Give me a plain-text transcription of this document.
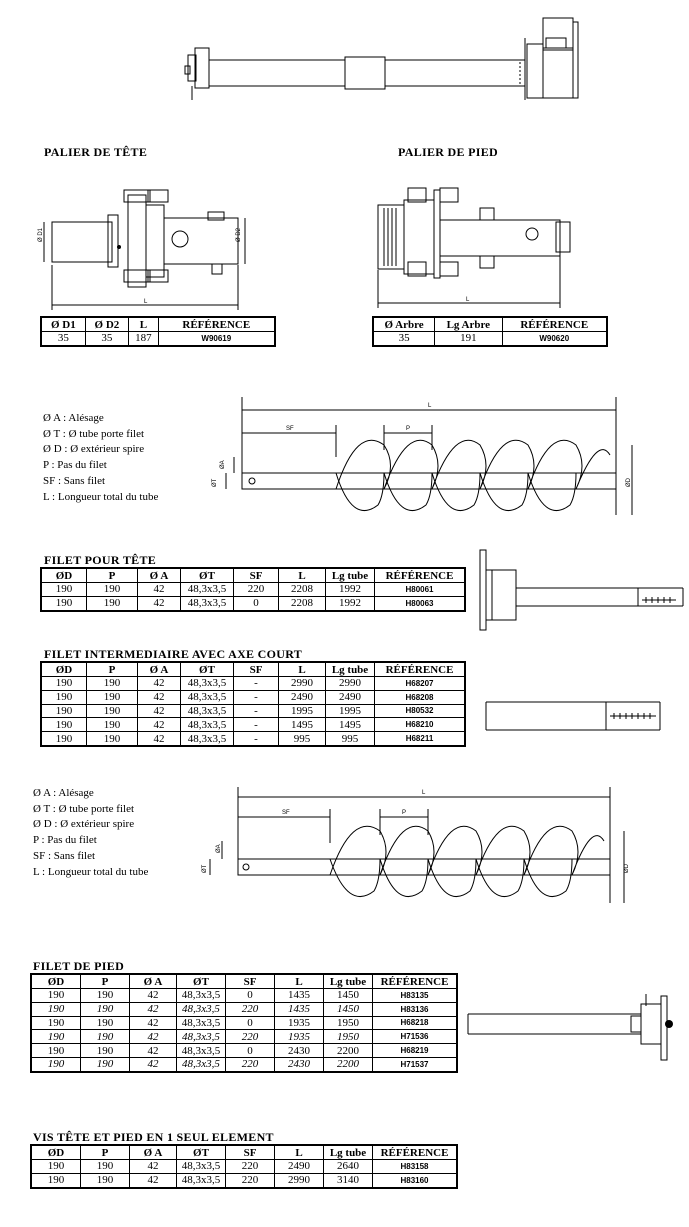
PALIER DE TÊTE	PALIER DE PIED
Ø D1	Ø D2
L	L
Ø D1	Ø D2	L	RÉFÉRENCE
35	35	187	W90619
Ø Arbre	Lg Arbre	RÉFÉRENCE
35	191	W90620
Ø A : Alésage
Ø T : Ø tube porte filet
Ø D : Ø extérieur spire
P : Pas du filet
SF : Sans filet
L : Longueur total du tube
L
SF	P
ØA
ØT	ØD
FILET POUR TÊTE
ØD	P	Ø A	ØT	SF	L	Lg tube	RÉFÉRENCE
190	190	42	48,3x3,5	220	2208	1992	H80061
190	190	42	48,3x3,5	0	2208	1992	H80063
FILET INTERMEDIAIRE AVEC AXE COURT
ØD	P	Ø A	ØT	SF	L	Lg tube	RÉFÉRENCE
190	190	42	48,3x3,5	-	2990	2990	H68207
190	190	42	48,3x3,5	-	2490	2490	H68208
190	190	42	48,3x3,5	-	1995	1995	H80532
190	190	42	48,3x3,5	-	1495	1495	H68210
190	190	42	48,3x3,5	-	995	995	H68211
Ø A : Alésage
Ø T : Ø tube porte filet
Ø D : Ø extérieur spire
P : Pas du filet
SF : Sans filet
L : Longueur total du tube
L
SF	P
ØA
ØT	ØD
FILET DE PIED
ØD	P	Ø A	ØT	SF	L	Lg tube	RÉFÉRENCE
190	190	42	48,3x3,5	0	1435	1450	H83135
190	190	42	48,3x3,5	220	1435	1450	H83136
190	190	42	48,3x3,5	0	1935	1950	H68218
190	190	42	48,3x3,5	220	1935	1950	H71536
190	190	42	48,3x3,5	0	2430	2200	H68219
190	190	42	48,3x3,5	220	2430	2200	H71537
VIS TÊTE ET PIED EN 1 SEUL ELEMENT
ØD	P	Ø A	ØT	SF	L	Lg tube	RÉFÉRENCE
190	190	42	48,3x3,5	220	2490	2640	H83158
190	190	42	48,3x3,5	220	2990	3140	H83160
